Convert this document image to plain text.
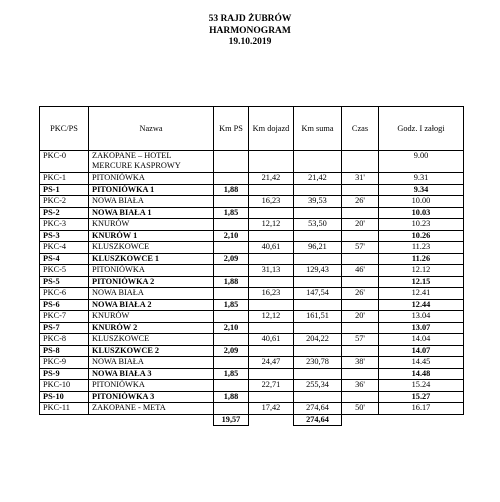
53 RAJD ŻUBRÓW
HARMONOGRAM
19.10.2019
PKC/PS	Nazwa	Km PS	Km dojazd	Km suma	Czas	Godz. I załogi
PKC-0	ZAKOPANE – HOTEL MERCURE KASPROWY					9.00
PKC-1	PITONIÓWKA		21,42	21,42	31'	9.31
PS-1	PITONIÓWKA 1	1,88				9.34
PKC-2	NOWA BIAŁA		16,23	39,53	26'	10.00
PS-2	NOWA BIAŁA 1	1,85				10.03
PKC-3	KNURÓW		12,12	53,50	20'	10.23
PS-3	KNURÓW 1	2,10				10.26
PKC-4	KLUSZKOWCE		40,61	96,21	57'	11.23
PS-4	KLUSZKOWCE 1	2,09				11.26
PKC-5	PITONIÓWKA		31,13	129,43	46'	12.12
PS-5	PITONIÓWKA 2	1,88				12.15
PKC-6	NOWA BIAŁA		16,23	147,54	26'	12.41
PS-6	NOWA BIAŁA 2	1,85				12.44
PKC-7	KNURÓW		12,12	161,51	20'	13.04
PS-7	KNURÓW 2	2,10				13.07
PKC-8	KLUSZKOWCE		40,61	204,22	57'	14.04
PS-8	KLUSZKOWCE 2	2,09				14.07
PKC-9	NOWA BIAŁA		24,47	230,78	38'	14.45
PS-9	NOWA BIAŁA 3	1,85				14.48
PKC-10	PITONIÓWKA		22,71	255,34	36'	15.24
PS-10	PITONIÓWKA 3	1,88				15.27
PKC-11	ZAKOPANE - META		17,42	274,64	50'	16.17
		19,57		274,64		
